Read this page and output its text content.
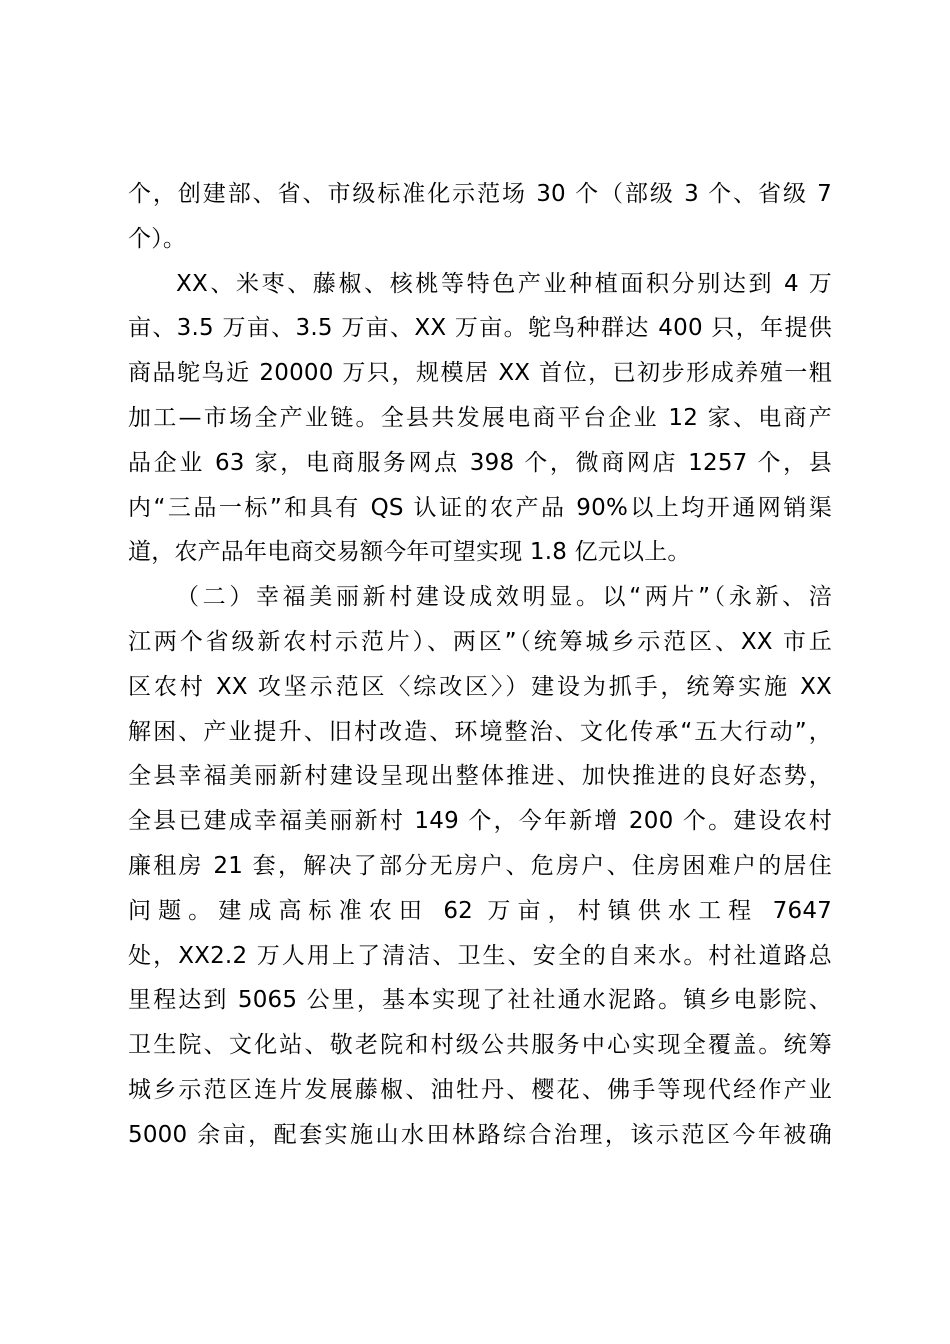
个，创建部、省、市级标准化示范场 30 个（部级 3 个、省级 7
个）。
XX、米枣、藤椒、核桃等特色产业种植面积分别达到 4 万
亩、3.5 万亩、3.5 万亩、XX 万亩。鸵鸟种群达 400 只，年提供
商品鸵鸟近 20000 万只，规模居 XX 首位，已初步形成养殖一粗
加工—市场全产业链。全县共发展电商平台企业 12 家、电商产
品企业 63 家，电商服务网点 398 个，微商网店 1257 个，县
内“三品一标”和具有 QS 认证的农产品 90%以上均开通网销渠
道，农产品年电商交易额今年可望实现 1.8 亿元以上。
（二）幸福美丽新村建设成效明显。以“两片”（永新、涪
江两个省级新农村示范片）、两区”（统筹城乡示范区、XX 市丘
区农村 XX 攻坚示范区〈综改区〉）建设为抓手，统筹实施 XX
解困、产业提升、旧村改造、环境整治、文化传承“五大行动”，
全县幸福美丽新村建设呈现出整体推进、加快推进的良好态势，
全县已建成幸福美丽新村 149 个，今年新增 200 个。建设农村
廉租房 21 套，解决了部分无房户、危房户、住房困难户的居住
问题。建成高标准农田 62 万亩，村镇供水工程 7647
处，XX2.2 万人用上了清洁、卫生、安全的自来水。村社道路总
里程达到 5065 公里，基本实现了社社通水泥路。镇乡电影院、
卫生院、文化站、敬老院和村级公共服务中心实现全覆盖。统筹
城乡示范区连片发展藤椒、油牡丹、樱花、佛手等现代经作产业
5000 余亩，配套实施山水田林路综合治理，该示范区今年被确
